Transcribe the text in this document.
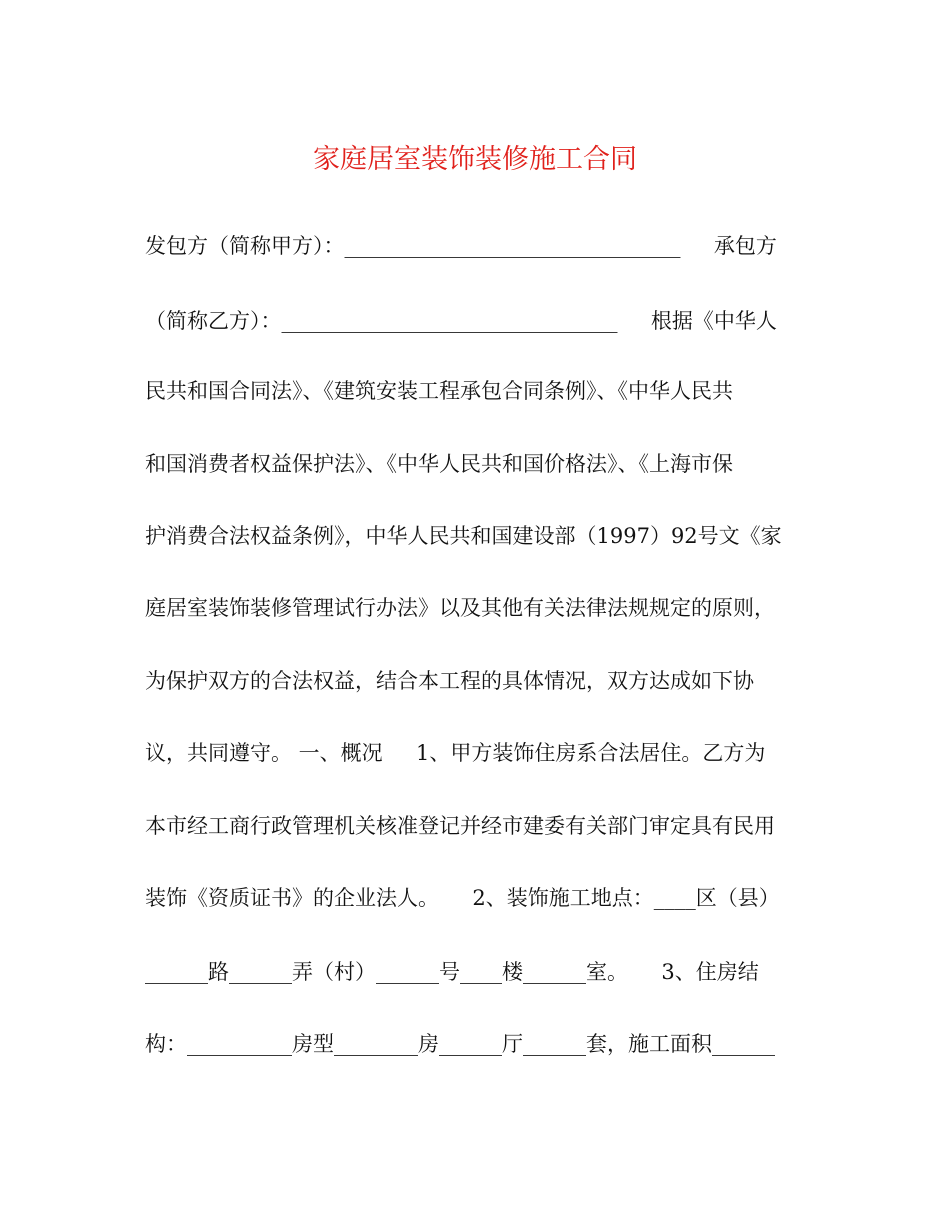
家庭居室装饰装修施工合同

发包方（简称甲方）：________________________________     承包方

（简称乙方）：________________________________     根据《中华人

民共和国合同法》、《建筑安装工程承包合同条例》、《中华人民共

和国消费者权益保护法》、《中华人民共和国价格法》、《上海市保

护消费合法权益条例》，中华人民共和国建设部（1997）92号文《家

庭居室装饰装修管理试行办法》以及其他有关法律法规规定的原则，

为保护双方的合法权益，结合本工程的具体情况，双方达成如下协

议，共同遵守。 一、概况     1、甲方装饰住房系合法居住。乙方为

本市经工商行政管理机关核准登记并经市建委有关部门审定具有民用

装饰《资质证书》的企业法人。     2、装饰施工地点：____区（县）

______路______弄（村）______号____楼______室。     3、住房结

构：__________房型________房______厅______套，施工面积______
